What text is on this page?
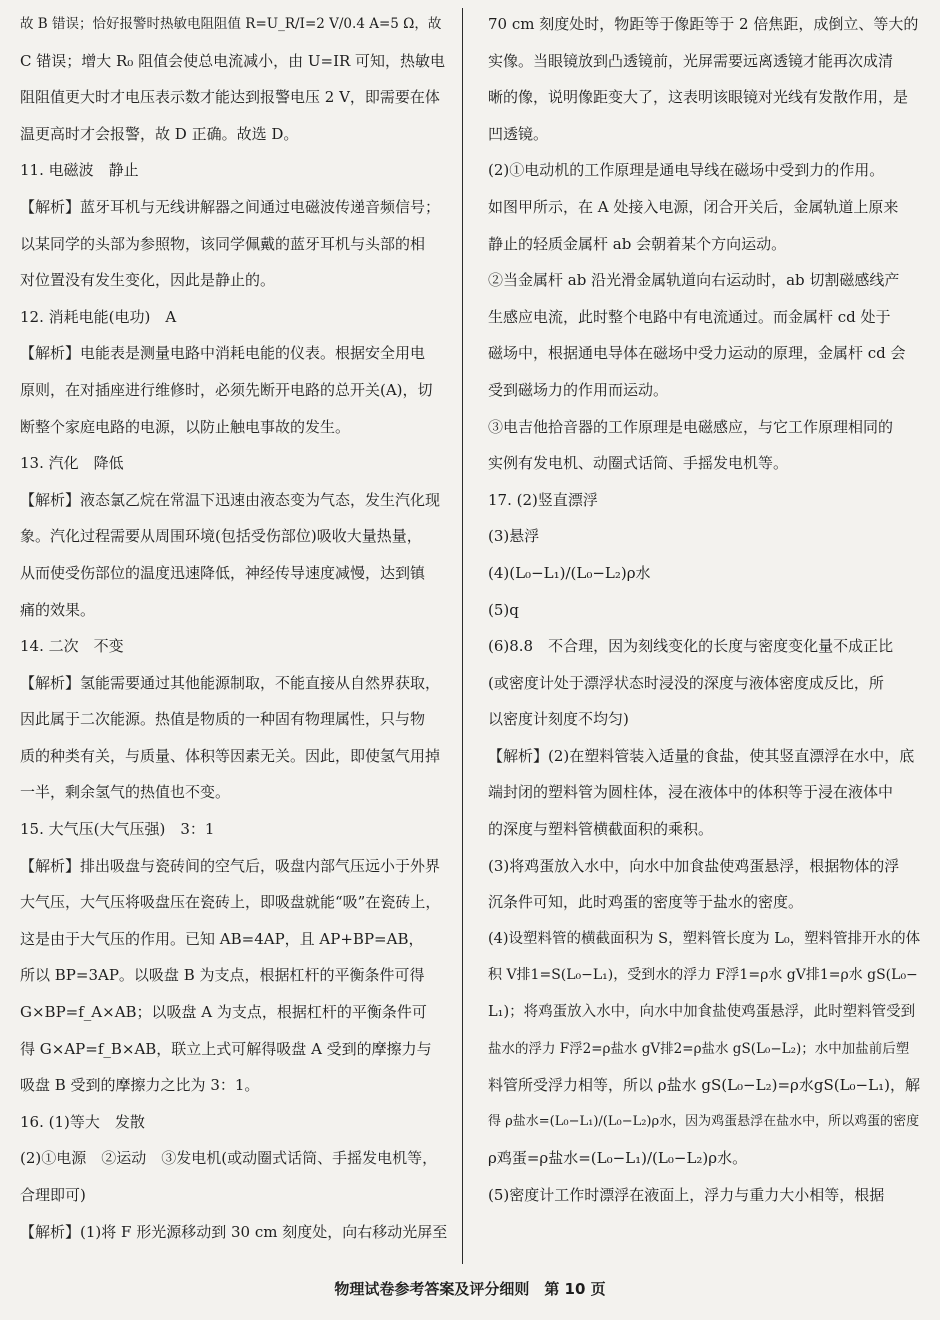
故 B 错误；恰好报警时热敏电阻阻值 R=U_R/I=2 V/0.4 A=5 Ω，故
C 错误；增大 R₀ 阻值会使总电流减小，由 U=IR 可知，热敏电
阻阻值更大时才电压表示数才能达到报警电压 2 V，即需要在体
温更高时才会报警，故 D 正确。故选 D。
11. 电磁波　静止
【解析】蓝牙耳机与无线讲解器之间通过电磁波传递音频信号；
以某同学的头部为参照物，该同学佩戴的蓝牙耳机与头部的相
对位置没有发生变化，因此是静止的。
12. 消耗电能(电功)　A
【解析】电能表是测量电路中消耗电能的仪表。根据安全用电
原则，在对插座进行维修时，必须先断开电路的总开关(A)，切
断整个家庭电路的电源，以防止触电事故的发生。
13. 汽化　降低
【解析】液态氯乙烷在常温下迅速由液态变为气态，发生汽化现
象。汽化过程需要从周围环境(包括受伤部位)吸收大量热量，
从而使受伤部位的温度迅速降低，神经传导速度减慢，达到镇
痛的效果。
14. 二次　不变
【解析】氢能需要通过其他能源制取，不能直接从自然界获取，
因此属于二次能源。热值是物质的一种固有物理属性，只与物
质的种类有关，与质量、体积等因素无关。因此，即使氢气用掉
一半，剩余氢气的热值也不变。
15. 大气压(大气压强)　3：1
【解析】排出吸盘与瓷砖间的空气后，吸盘内部气压远小于外界
大气压，大气压将吸盘压在瓷砖上，即吸盘就能“吸”在瓷砖上，
这是由于大气压的作用。已知 AB=4AP，且 AP+BP=AB，
所以 BP=3AP。以吸盘 B 为支点，根据杠杆的平衡条件可得
G×BP=f_A×AB；以吸盘 A 为支点，根据杠杆的平衡条件可
得 G×AP=f_B×AB，联立上式可解得吸盘 A 受到的摩擦力与
吸盘 B 受到的摩擦力之比为 3：1。
16. (1)等大　发散
(2)①电源　②运动　③发电机(或动圈式话筒、手摇发电机等，
合理即可)
【解析】(1)将 F 形光源移动到 30 cm 刻度处，向右移动光屏至
70 cm 刻度处时，物距等于像距等于 2 倍焦距，成倒立、等大的
实像。当眼镜放到凸透镜前，光屏需要远离透镜才能再次成清
晰的像，说明像距变大了，这表明该眼镜对光线有发散作用，是
凹透镜。
(2)①电动机的工作原理是通电导线在磁场中受到力的作用。
如图甲所示，在 A 处接入电源，闭合开关后，金属轨道上原来
静止的轻质金属杆 ab 会朝着某个方向运动。
②当金属杆 ab 沿光滑金属轨道向右运动时，ab 切割磁感线产
生感应电流，此时整个电路中有电流通过。而金属杆 cd 处于
磁场中，根据通电导体在磁场中受力运动的原理，金属杆 cd 会
受到磁场力的作用而运动。
③电吉他拾音器的工作原理是电磁感应，与它工作原理相同的
实例有发电机、动圈式话筒、手摇发电机等。
17. (2)竖直漂浮
(3)悬浮
(4)(L₀−L₁)/(L₀−L₂)ρ水
(5)q
(6)8.8　不合理，因为刻线变化的长度与密度变化量不成正比
(或密度计处于漂浮状态时浸没的深度与液体密度成反比，所
以密度计刻度不均匀)
【解析】(2)在塑料管装入适量的食盐，使其竖直漂浮在水中，底
端封闭的塑料管为圆柱体，浸在液体中的体积等于浸在液体中
的深度与塑料管横截面积的乘积。
(3)将鸡蛋放入水中，向水中加食盐使鸡蛋悬浮，根据物体的浮
沉条件可知，此时鸡蛋的密度等于盐水的密度。
(4)设塑料管的横截面积为 S，塑料管长度为 L₀，塑料管排开水的体
积 V排1=S(L₀−L₁)，受到水的浮力 F浮1=ρ水 gV排1=ρ水 gS(L₀−
L₁)；将鸡蛋放入水中，向水中加食盐使鸡蛋悬浮，此时塑料管受到
盐水的浮力 F浮2=ρ盐水 gV排2=ρ盐水 gS(L₀−L₂)；水中加盐前后塑
料管所受浮力相等，所以 ρ盐水 gS(L₀−L₂)=ρ水gS(L₀−L₁)，解
得 ρ盐水=(L₀−L₁)/(L₀−L₂)ρ水，因为鸡蛋悬浮在盐水中，所以鸡蛋的密度
ρ鸡蛋=ρ盐水=(L₀−L₁)/(L₀−L₂)ρ水。
(5)密度计工作时漂浮在液面上，浮力与重力大小相等，根据
物理试卷参考答案及评分细则　第 10 页
